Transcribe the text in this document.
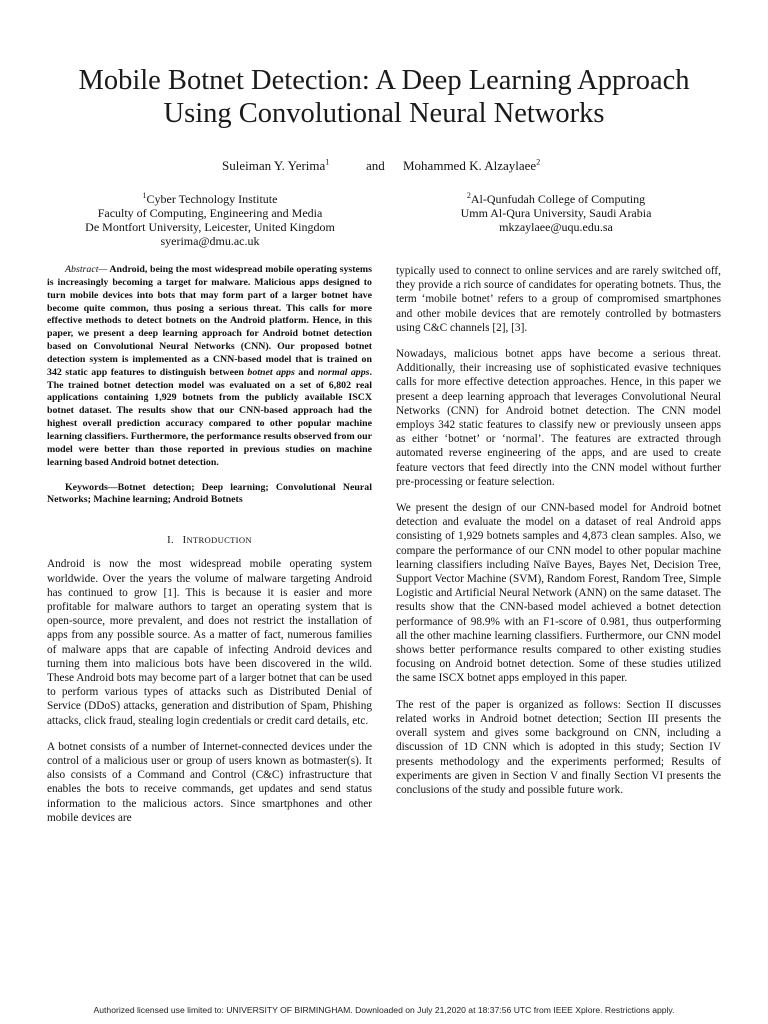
Mobile Botnet Detection: A Deep Learning Approach
Using Convolutional Neural Networks
Suleiman Y. Yerima$^1$	and Mohammed K. Alzaylaee$^2$
$^1$Cyber Technology Institute
Faculty of Computing, Engineering and Media
De Montfort University, Leicester, United Kingdom
syerima@dmu.ac.uk
$^2$Al-Qunfudah College of Computing
Umm Al-Qura University, Saudi Arabia
mkzaylaee@uqu.edu.sa
Abstract— Android, being the most widespread mobile operating systems is increasingly becoming a target for malware. Malicious apps designed to turn mobile devices into bots that may form part of a larger botnet have become quite common, thus posing a serious threat. This calls for more effective methods to detect botnets on the Android platform. Hence, in this paper, we present a deep learning approach for Android botnet detection based on Convolutional Neural Networks (CNN). Our proposed botnet detection system is implemented as a CNN-based model that is trained on 342 static app features to distinguish between botnet apps and normal apps. The trained botnet detection model was evaluated on a set of 6,802 real applications containing 1,929 botnets from the publicly available ISCX botnet dataset. The results show that our CNN-based approach had the highest overall prediction accuracy compared to other popular machine learning classifiers. Furthermore, the performance results observed from our model were better than those reported in previous studies on machine learning based Android botnet detection.
Keywords—Botnet detection; Deep learning; Convolutional Neural Networks; Machine learning; Android Botnets
I. INTRODUCTION

Android is now the most widespread mobile operating system worldwide. Over the years the volume of malware targeting Android has continued to grow [1]. This is because it is easier and more profitable for malware authors to target an operating system that is open-source, more prevalent, and does not restrict the installation of apps from any possible source. As a matter of fact, numerous families of malware apps that are capable of infecting Android devices and turning them into malicious bots have been discovered in the wild. These Android bots may become part of a larger botnet that can be used to perform various types of attacks such as Distributed Denial of Service (DDoS) attacks, generation and distribution of Spam, Phishing attacks, click fraud, stealing login credentials or credit card details, etc.

A botnet consists of a number of Internet-connected devices under the control of a malicious user or group of users known as botmaster(s). It also consists of a Command and Control (C&C) infrastructure that enables the bots to receive commands, get updates and send status information to the malicious actors. Since smartphones and other mobile devices are

typically used to connect to online services and are rarely switched off, they provide a rich source of candidates for operating botnets. Thus, the term ‘mobile botnet’ refers to a group of compromised smartphones and other mobile devices that are remotely controlled by botmasters using C&C channels [2], [3].

Nowadays, malicious botnet apps have become a serious threat. Additionally, their increasing use of sophisticated evasive techniques calls for more effective detection approaches. Hence, in this paper we present a deep learning approach that leverages Convolutional Neural Networks (CNN) for Android botnet detection. The CNN model employs 342 static features to classify new or previously unseen apps as either ‘botnet’ or ‘normal’. The features are extracted through automated reverse engineering of the apps, and are used to create feature vectors that feed directly into the CNN model without further pre-processing or feature selection.

We present the design of our CNN-based model for Android botnet detection and evaluate the model on a dataset of real Android apps consisting of 1,929 botnets samples and 4,873 clean samples. Also, we compare the performance of our CNN model to other popular machine learning classifiers including Naïve Bayes, Bayes Net, Decision Tree, Support Vector Machine (SVM), Random Forest, Random Tree, Simple Logistic and Artificial Neural Network (ANN) on the same dataset. The results show that the CNN-based model achieved a botnet detection performance of 98.9% with an F1-score of 0.981, thus outperforming all the other machine learning classifiers. Furthermore, our CNN model shows better performance results compared to other existing studies focusing on Android botnet detection. Some of these studies utilized the same ISCX botnet apps employed in this paper.

The rest of the paper is organized as follows: Section II discusses related works in Android botnet detection; Section III presents the overall system and gives some background on CNN, including a discussion of 1D CNN which is adopted in this study; Section IV presents methodology and the experiments performed; Results of experiments are given in Section V and finally Section VI presents the conclusions of the study and possible future work.

Authorized licensed use limited to: UNIVERSITY OF BIRMINGHAM. Downloaded on July 21,2020 at 18:37:56 UTC from IEEE Xplore. Restrictions apply.
